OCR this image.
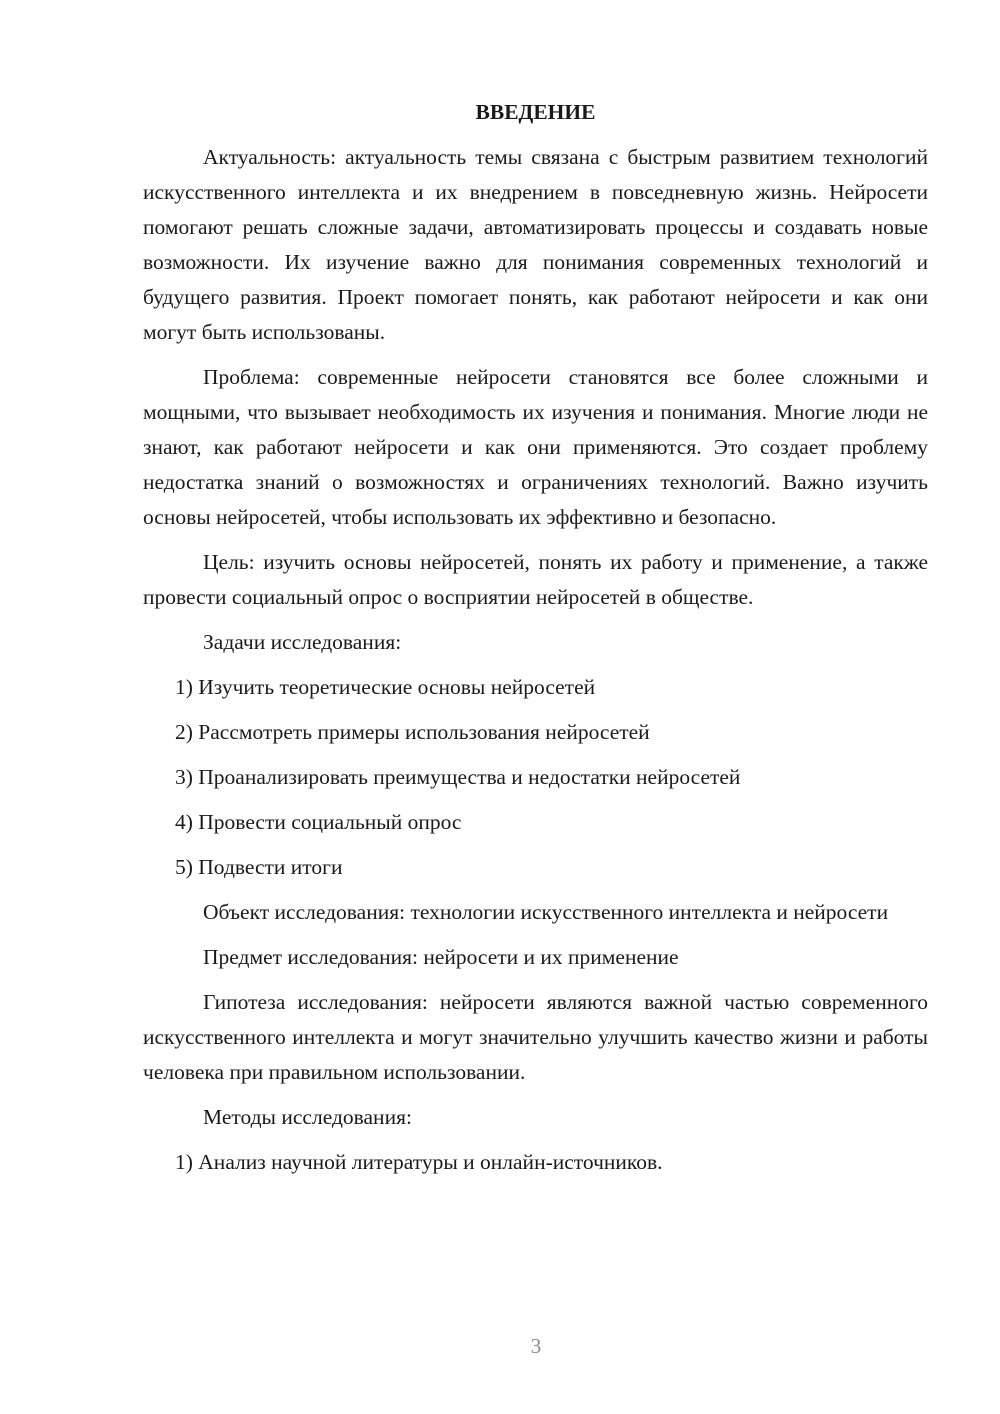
ВВЕДЕНИЕ
Актуальность: актуальность темы связана с быстрым развитием технологий искусственного интеллекта и их внедрением в повседневную жизнь. Нейросети помогают решать сложные задачи, автоматизировать процессы и создавать новые возможности. Их изучение важно для понимания современных технологий и будущего развития. Проект помогает понять, как работают нейросети и как они могут быть использованы.
Проблема: современные нейросети становятся все более сложными и мощными, что вызывает необходимость их изучения и понимания. Многие люди не знают, как работают нейросети и как они применяются. Это создает проблему недостатка знаний о возможностях и ограничениях технологий. Важно изучить основы нейросетей, чтобы использовать их эффективно и безопасно.
Цель: изучить основы нейросетей, понять их работу и применение, а также провести социальный опрос о восприятии нейросетей в обществе.
Задачи исследования:
1) Изучить теоретические основы нейросетей
2) Рассмотреть примеры использования нейросетей
3) Проанализировать преимущества и недостатки нейросетей
4) Провести социальный опрос
5) Подвести итоги
Объект исследования: технологии искусственного интеллекта и нейросети
Предмет исследования: нейросети и их применение
Гипотеза исследования: нейросети являются важной частью современного искусственного интеллекта и могут значительно улучшить качество жизни и работы человека при правильном использовании.
Методы исследования:
1) Анализ научной литературы и онлайн-источников.
3
